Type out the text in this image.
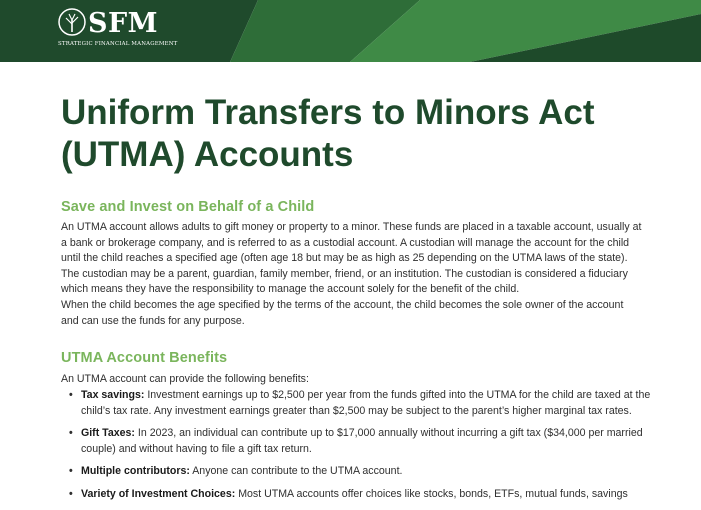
SFM
STRATEGIC FINANCIAL MANAGEMENT
Uniform Transfers to Minors Act (UTMA) Accounts
Save and Invest on Behalf of a Child

An UTMA account allows adults to gift money or property to a minor. These funds are placed in a taxable account, usually at a bank or brokerage company, and is referred to as a custodial account. A custodian will manage the account for the child until the child reaches a specified age (often age 18 but may be as high as 25 depending on the UTMA laws of the state). The custodian may be a parent, guardian, family member, friend, or an institution. The custodian is considered a fiduciary which means they have the responsibility to manage the account solely for the benefit of the child.

When the child becomes the age specified by the terms of the account, the child becomes the sole owner of the account and can use the funds for any purpose.

UTMA Account Benefits

An UTMA account can provide the following benefits:

• Tax savings: Investment earnings up to $2,500 per year from the funds gifted into the UTMA for the child are taxed at the child’s tax rate. Any investment earnings greater than $2,500 may be subject to the parent’s higher marginal tax rates.
• Gift Taxes: In 2023, an individual can contribute up to $17,000 annually without incurring a gift tax ($34,000 per married couple) and without having to file a gift tax return.
• Multiple contributors: Anyone can contribute to the UTMA account.
• Variety of Investment Choices: Most UTMA accounts offer choices like stocks, bonds, ETFs, mutual funds, savings
